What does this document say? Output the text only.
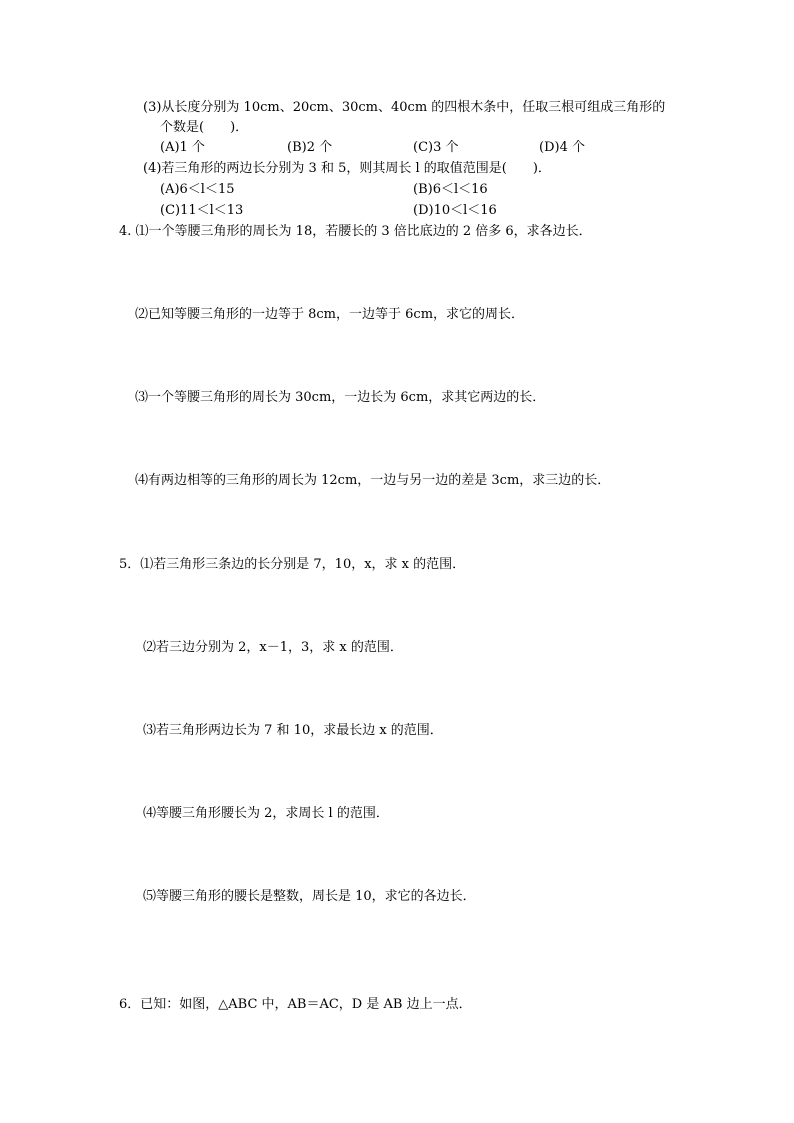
(3)从长度分别为 10cm、20cm、30cm、40cm 的四根木条中，任取三根可组成三角形的
个数是(　　)．
(A)1 个	(B)2 个	(C)3 个	(D)4 个
(4)若三角形的两边长分别为 3 和 5，则其周长 l 的取值范围是(　　)．
(A)6＜l＜15	(B)6＜l＜16
(C)11＜l＜13	(D)10＜l＜16
4. ⑴一个等腰三角形的周长为 18，若腰长的 3 倍比底边的 2 倍多 6，求各边长．
⑵已知等腰三角形的一边等于 8cm，一边等于 6cm，求它的周长．
⑶一个等腰三角形的周长为 30cm，一边长为 6cm，求其它两边的长．
⑷有两边相等的三角形的周长为 12cm，一边与另一边的差是 3cm，求三边的长．
5．⑴若三角形三条边的长分别是 7，10，x，求 x 的范围．
⑵若三边分别为 2，x－1，3，求 x 的范围．
⑶若三角形两边长为 7 和 10，求最长边 x 的范围．
⑷等腰三角形腰长为 2，求周长 l 的范围．
⑸等腰三角形的腰长是整数，周长是 10，求它的各边长．
6．已知：如图，△ABC 中，AB＝AC，D 是 AB 边上一点．
